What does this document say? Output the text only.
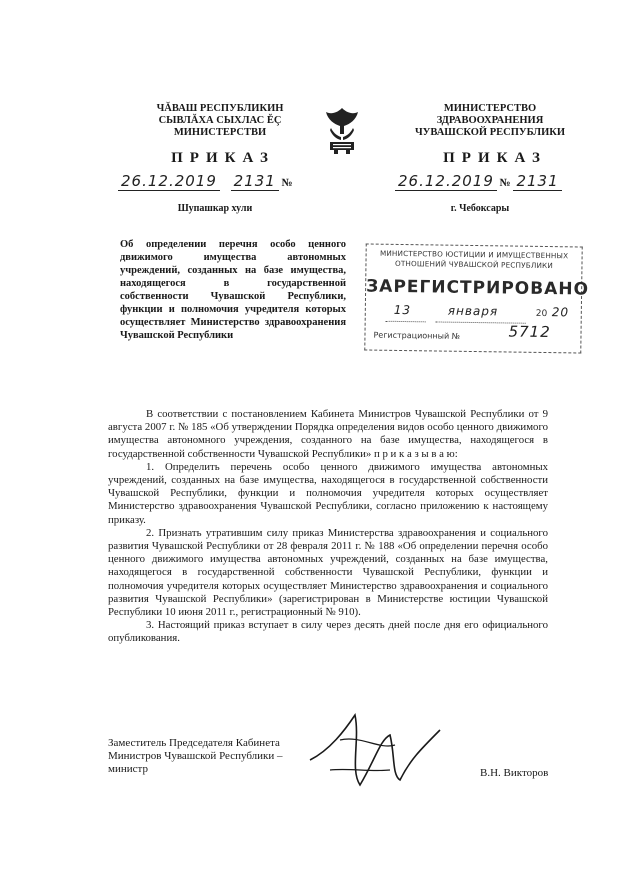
ЧĂВАШ РЕСПУБЛИКИН
СЫВЛĂХА СЫХЛАС ĔÇ
МИНИСТЕРСТВИ
МИНИСТЕРСТВО
ЗДРАВООХРАНЕНИЯ
ЧУВАШСКОЙ РЕСПУБЛИКИ
ПРИКАЗ	ПРИКАЗ
26.12.2019 2131 №	26.12.2019 № 2131
Шупашкар хули	г. Чебоксары
Об определении перечня особо ценного движимого имущества автономных учреждений, созданных на базе имущества, находящегося в государственной собственности Чувашской Республики, функции и полномочия учредителя которых осуществляет Министерство здравоохранения Чувашской Республики
МИНИСТЕРСТВО ЮСТИЦИИ И ИМУЩЕСТВЕННЫХ
ОТНОШЕНИЙ ЧУВАШСКОЙ РЕСПУБЛИКИ
ЗАРЕГИСТРИРОВАНО
13	января	20 20
Регистрационный №	5712

В соответствии с постановлением Кабинета Министров Чувашской Республики от 9 августа 2007 г. № 185 «Об утверждении Порядка определения видов особо ценного движимого имущества автономного учреждения, созданного на базе имущества, находящегося в государственной собственности Чувашской Республики» п р и к а з ы в а ю:

1. Определить перечень особо ценного движимого имущества автономных учреждений, созданных на базе имущества, находящегося в государственной собственности Чувашской Республики, функции и полномочия учредителя которых осуществляет Министерство здравоохранения Чувашской Республики, согласно приложению к настоящему приказу.

2. Признать утратившим силу приказ Министерства здравоохранения и социального развития Чувашской Республики от 28 февраля 2011 г. № 188 «Об определении перечня особо ценного движимого имущества автономных учреждений, созданных на базе имущества, находящегося в государственной собственности Чувашской Республики, функции и полномочия учредителя которых осуществляет Министерство здравоохранения и социального развития Чувашской Республики» (зарегистрирован в Министерстве юстиции Чувашской Республики 10 июня 2011 г., регистрационный № 910).

3. Настоящий приказ вступает в силу через десять дней после дня его официального опубликования.

Заместитель Председателя Кабинета
Министров Чувашской Республики –
министр	В.Н. Викторов
